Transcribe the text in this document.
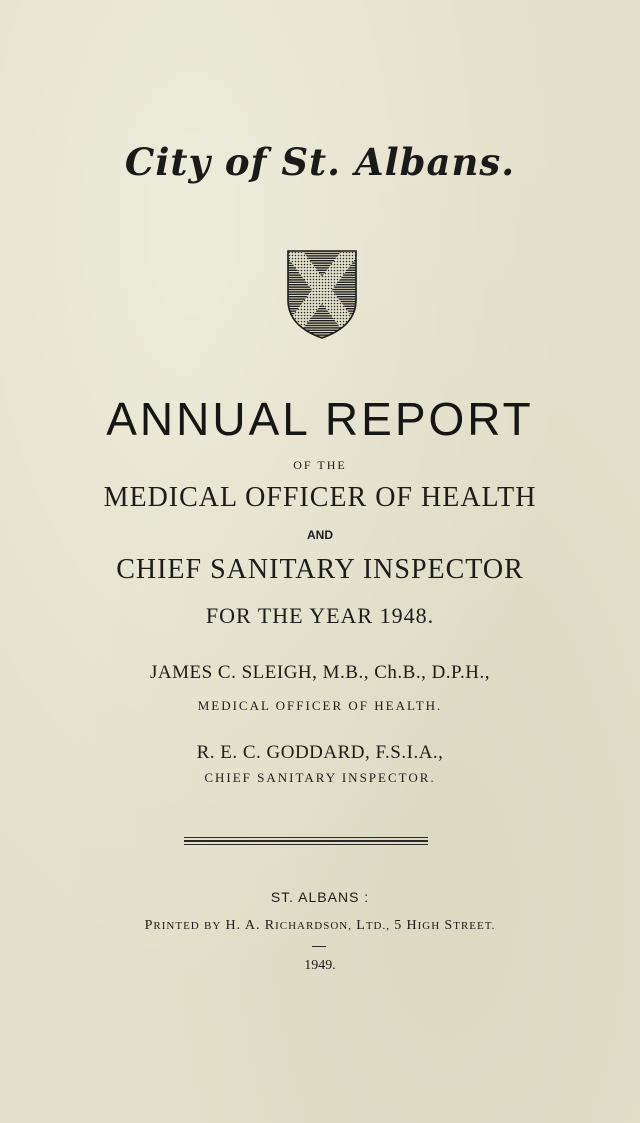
City of St. Albans.

ANNUAL REPORT

OF THE

MEDICAL OFFICER OF HEALTH

AND

CHIEF SANITARY INSPECTOR

FOR THE YEAR 1948.

JAMES C. SLEIGH, M.B., Ch.B., D.P.H.,

MEDICAL OFFICER OF HEALTH.

R. E. C. GODDARD, F.S.I.A.,

CHIEF SANITARY INSPECTOR.

ST. ALBANS :

PRINTED BY H. A. RICHARDSON, LTD., 5 HIGH STREET.

1949.
